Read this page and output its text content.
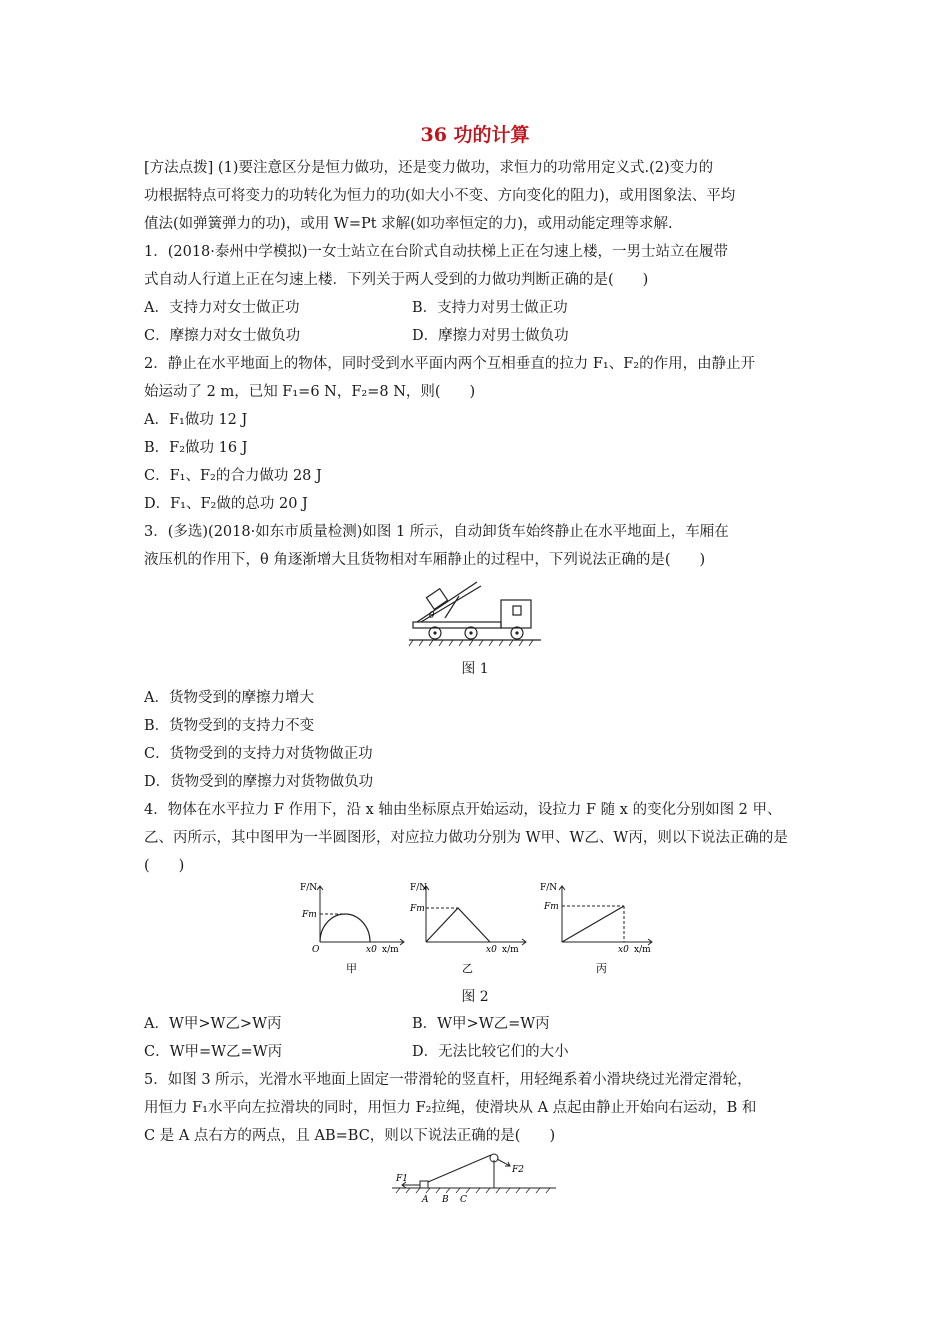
36 功的计算
[方法点拨] (1)要注意区分是恒力做功，还是变力做功，求恒力的功常用定义式.(2)变力的
功根据特点可将变力的功转化为恒力的功(如大小不变、方向变化的阻力)，或用图象法、平均
值法(如弹簧弹力的功)，或用 W=Pt 求解(如功率恒定的力)，或用动能定理等求解.
1．(2018·泰州中学模拟)一女士站立在台阶式自动扶梯上正在匀速上楼，一男士站立在履带
式自动人行道上正在匀速上楼．下列关于两人受到的力做功判断正确的是(　　)
A．支持力对女士做正功	B．支持力对男士做正功
C．摩擦力对女士做负功	D．摩擦力对男士做负功
2．静止在水平地面上的物体，同时受到水平面内两个互相垂直的拉力 F₁、F₂的作用，由静止开
始运动了 2 m，已知 F₁=6 N，F₂=8 N，则(　　)
A．F₁做功 12 J
B．F₂做功 16 J
C．F₁、F₂的合力做功 28 J
D．F₁、F₂做的总功 20 J
3．(多选)(2018·如东市质量检测)如图 1 所示，自动卸货车始终静止在水平地面上，车厢在
液压机的作用下，θ 角逐渐增大且货物相对车厢静止的过程中，下列说法正确的是(　　)
θ
图 1
A．货物受到的摩擦力增大
B．货物受到的支持力不变
C．货物受到的支持力对货物做正功
D．货物受到的摩擦力对货物做负功
4．物体在水平拉力 F 作用下，沿 x 轴由坐标原点开始运动，设拉力 F 随 x 的变化分别如图 2 甲、
乙、丙所示，其中图甲为一半圆图形，对应拉力做功分别为 W甲、W乙、W丙，则以下说法正确的是
(　　)
F/N
Fm
O	x0 x/m
甲
F/N
Fm
x0 x/m
乙
F/N
Fm
x0 x/m
丙
图 2
A．W甲>W乙>W丙	B．W甲>W乙=W丙
C．W甲=W乙=W丙	D．无法比较它们的大小
5．如图 3 所示，光滑水平地面上固定一带滑轮的竖直杆，用轻绳系着小滑块绕过光滑定滑轮，
用恒力 F₁水平向左拉滑块的同时，用恒力 F₂拉绳，使滑块从 A 点起由静止开始向右运动，B 和
C 是 A 点右方的两点，且 AB=BC，则以下说法正确的是(　　)
F1
F2
A B C
